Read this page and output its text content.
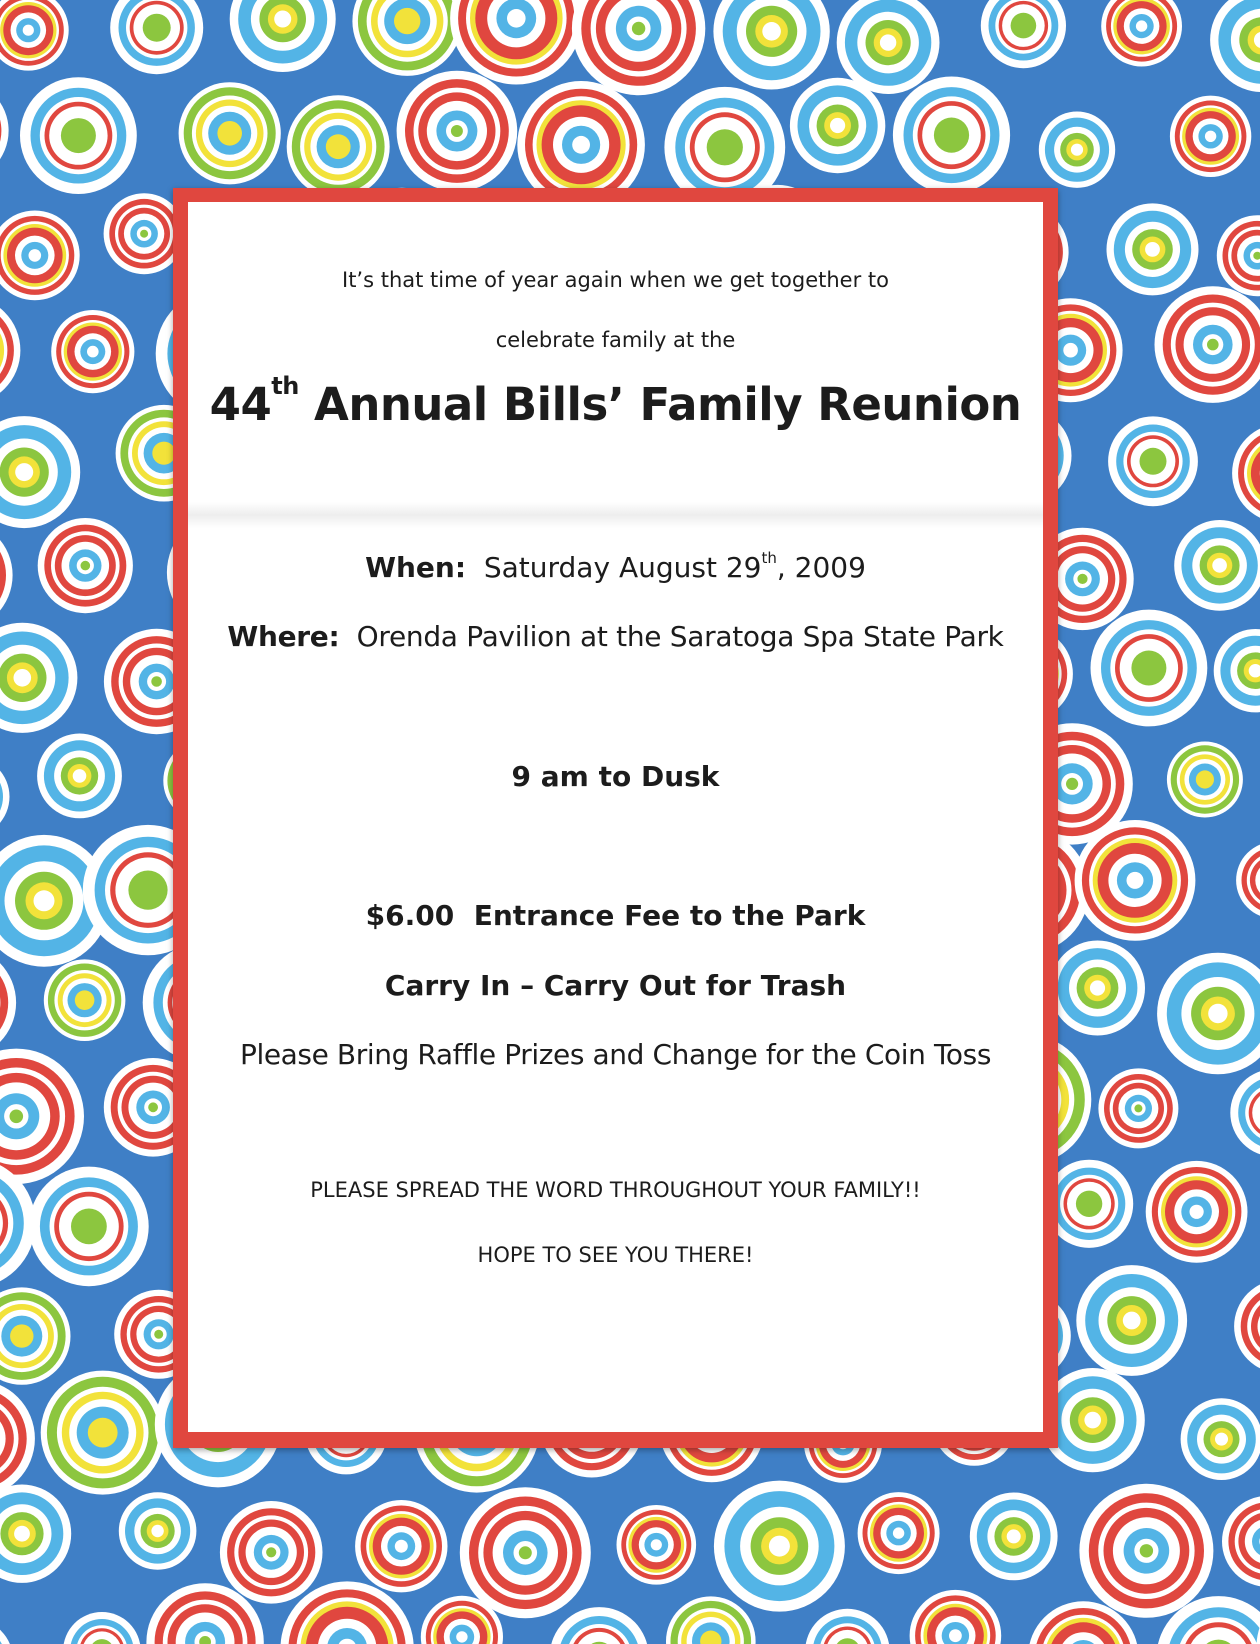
It’s that time of year again when we get together to
celebrate family at the
44th Annual Bills’ Family Reunion
When: Saturday August 29th, 2009
Where: Orenda Pavilion at the Saratoga Spa State Park
9 am to Dusk
$6.00  Entrance Fee to the Park
Carry In – Carry Out for Trash
Please Bring Raffle Prizes and Change for the Coin Toss
PLEASE SPREAD THE WORD THROUGHOUT YOUR FAMILY!!
HOPE TO SEE YOU THERE!
